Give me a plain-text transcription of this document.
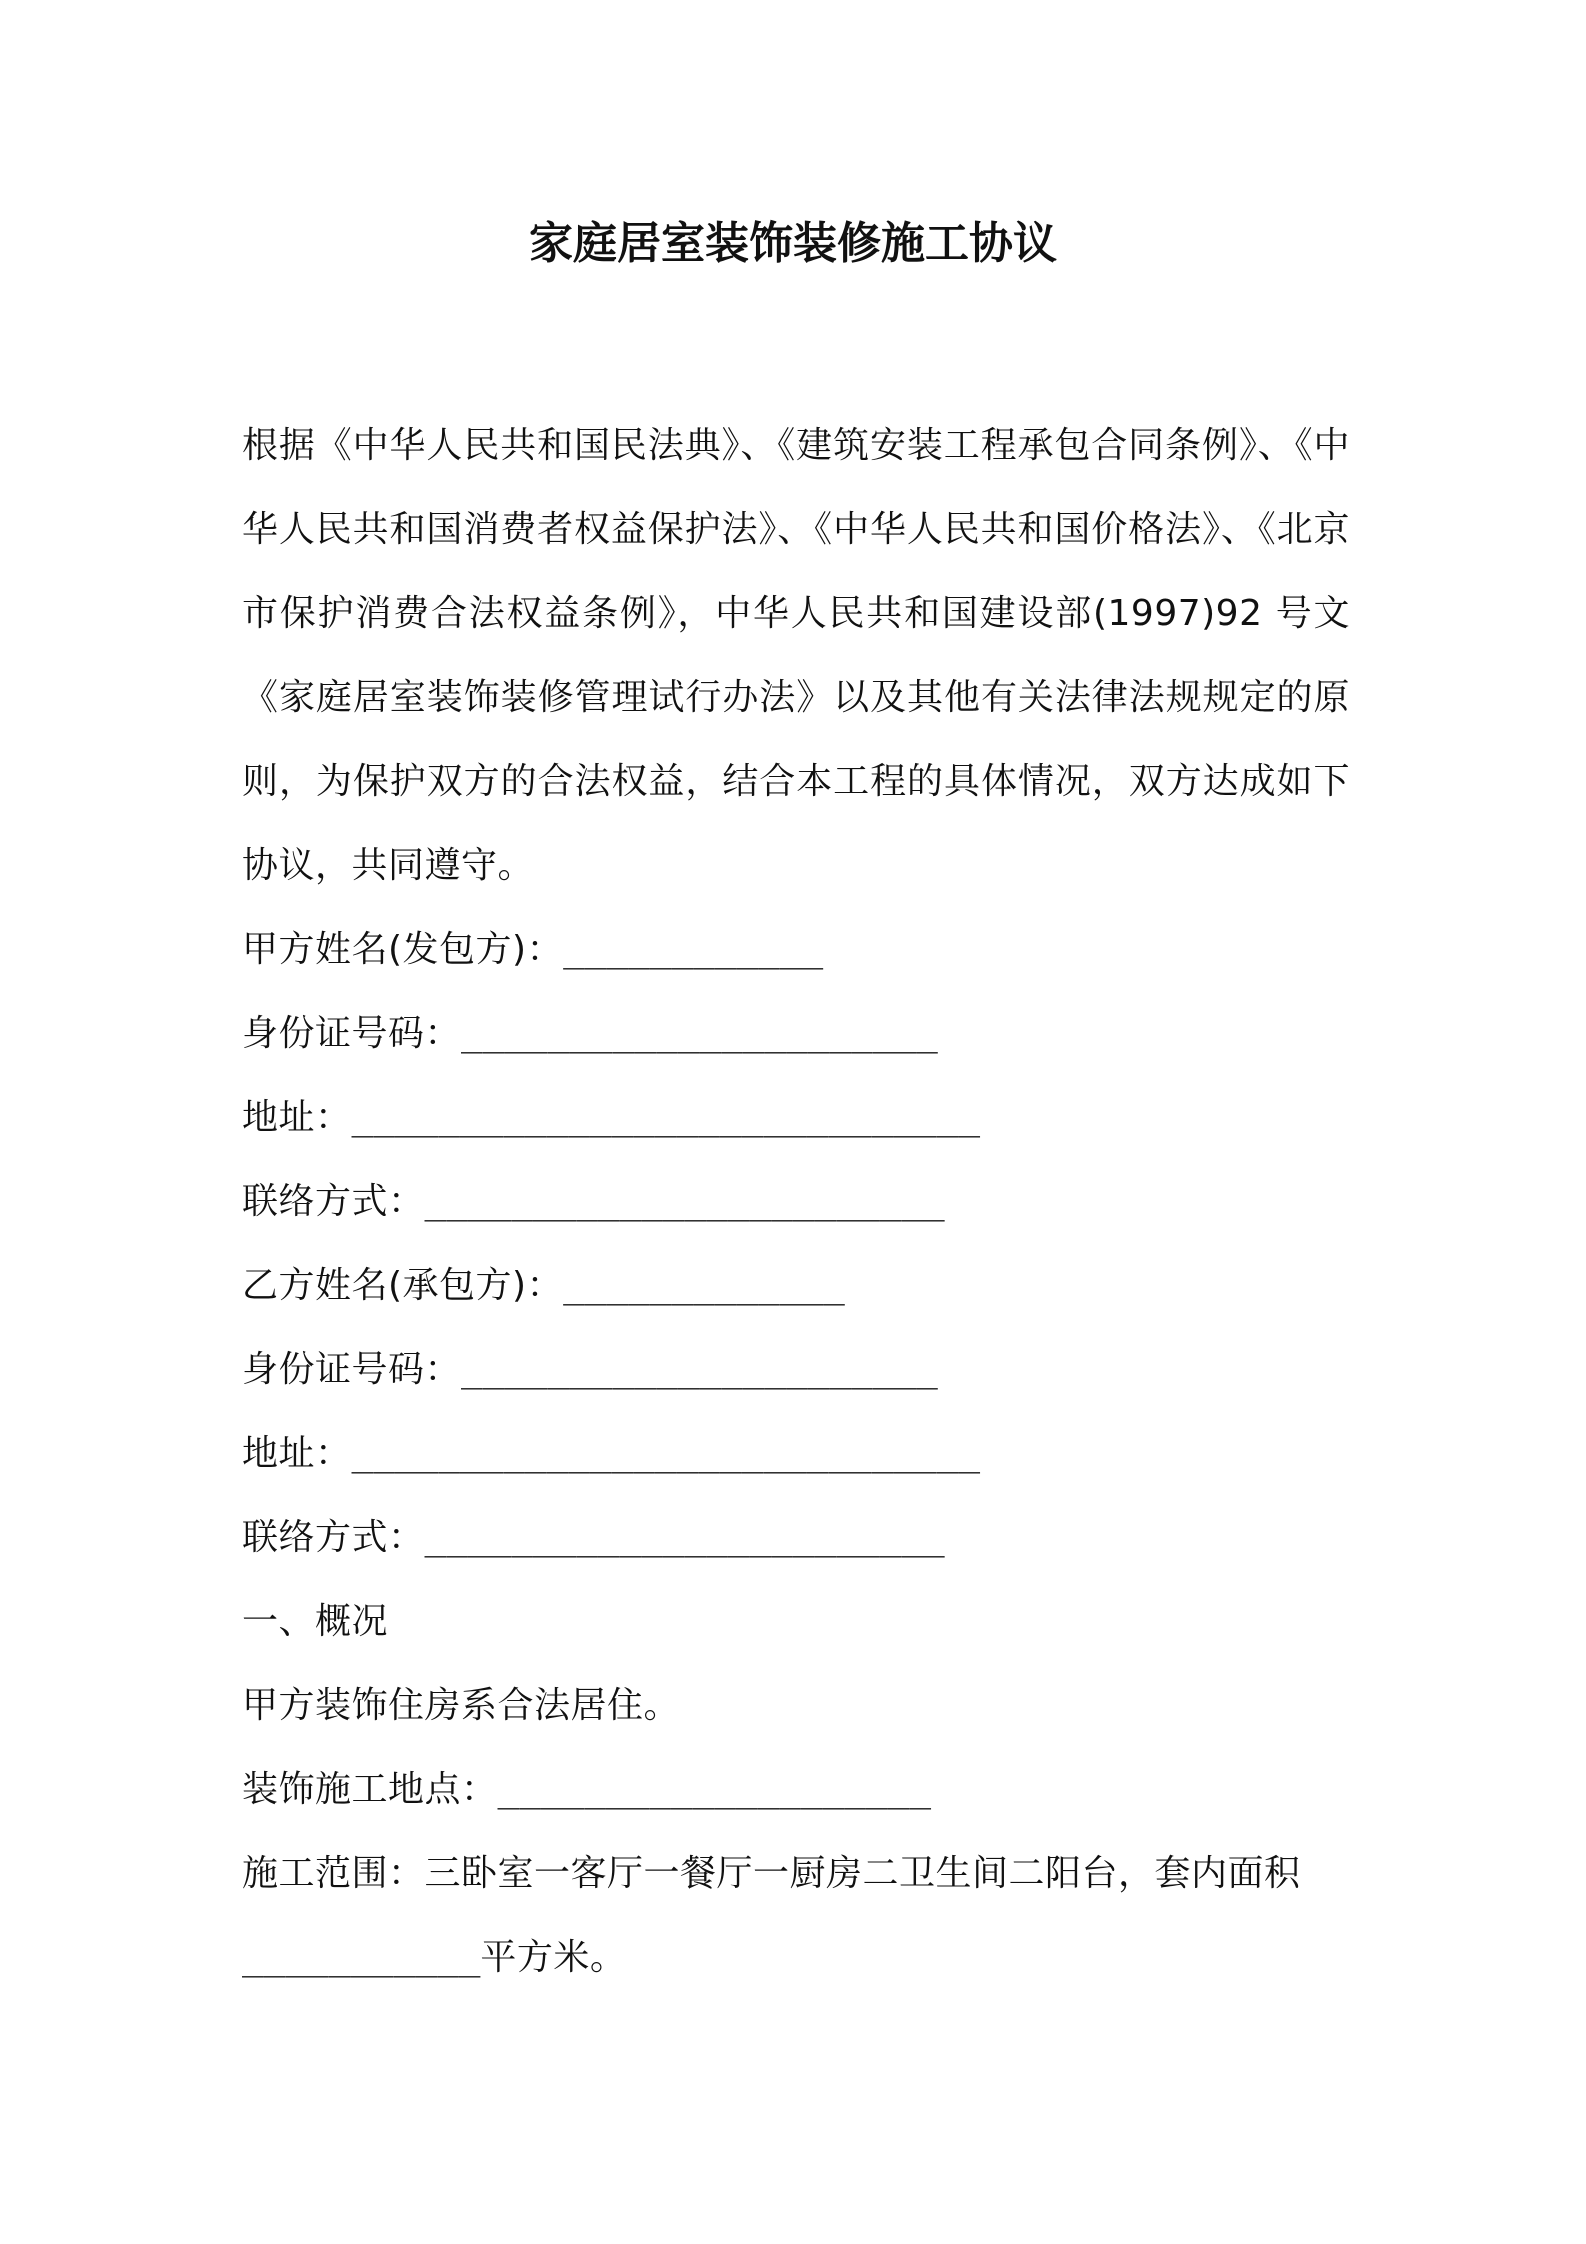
家庭居室装饰装修施工协议

根据《中华人民共和国民法典》、《建筑安装工程承包合同条例》、《中华人民共和国消费者权益保护法》、《中华人民共和国价格法》、《北京市保护消费合法权益条例》，中华人民共和国建设部(1997)92 号文《家庭居室装饰装修管理试行办法》以及其他有关法律法规规定的原则，为保护双方的合法权益，结合本工程的具体情况，双方达成如下协议，共同遵守。

甲方姓名(发包方)：____________

身份证号码：______________________

地址：_____________________________

联络方式：________________________

乙方姓名(承包方)：_____________

身份证号码：______________________

地址：_____________________________

联络方式：________________________

一、概况

甲方装饰住房系合法居住。

装饰施工地点：____________________

施工范围：三卧室一客厅一餐厅一厨房二卫生间二阳台，套内面积

___________平方米。
